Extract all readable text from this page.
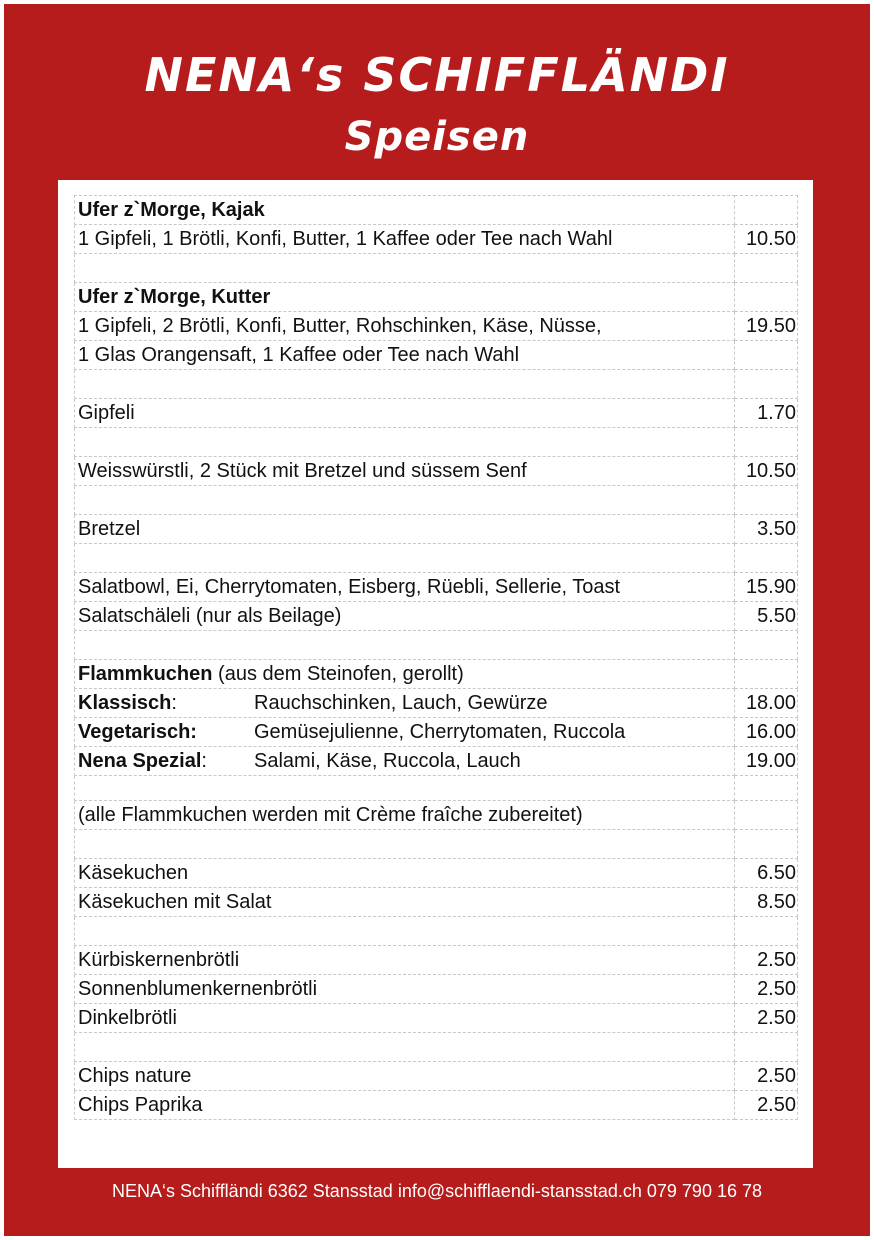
NENA‘s SCHIFFLÄNDI
Speisen
Ufer z`Morge, Kajak	
1 Gipfeli, 1 Brötli, Konfi, Butter, 1 Kaffee oder Tee nach Wahl	10.50

Ufer z`Morge, Kutter	
1 Gipfeli, 2 Brötli, Konfi, Butter, Rohschinken, Käse, Nüsse,	19.50
1 Glas Orangensaft, 1 Kaffee oder Tee nach Wahl	

Gipfeli	1.70

Weisswürstli, 2 Stück mit Bretzel und süssem Senf	10.50

Bretzel	3.50

Salatbowl, Ei, Cherrytomaten, Eisberg, Rüebli, Sellerie, Toast	15.90
Salatschäleli (nur als Beilage)	5.50

Flammkuchen (aus dem Steinofen, gerollt)	
Klassisch: Rauchschinken, Lauch, Gewürze	18.00
Vegetarisch: Gemüsejulienne, Cherrytomaten, Ruccola	16.00
Nena Spezial: Salami, Käse, Ruccola, Lauch	19.00

(alle Flammkuchen werden mit Crème fraîche zubereitet)	

Käsekuchen	6.50
Käsekuchen mit Salat	8.50

Kürbiskernenbrötli	2.50
Sonnenblumenkernenbrötli	2.50
Dinkelbrötli	2.50

Chips nature	2.50
Chips Paprika	2.50

NENA‘s Schiffländi 6362 Stansstad info@schifflaendi-stansstad.ch 079 790 16 78
